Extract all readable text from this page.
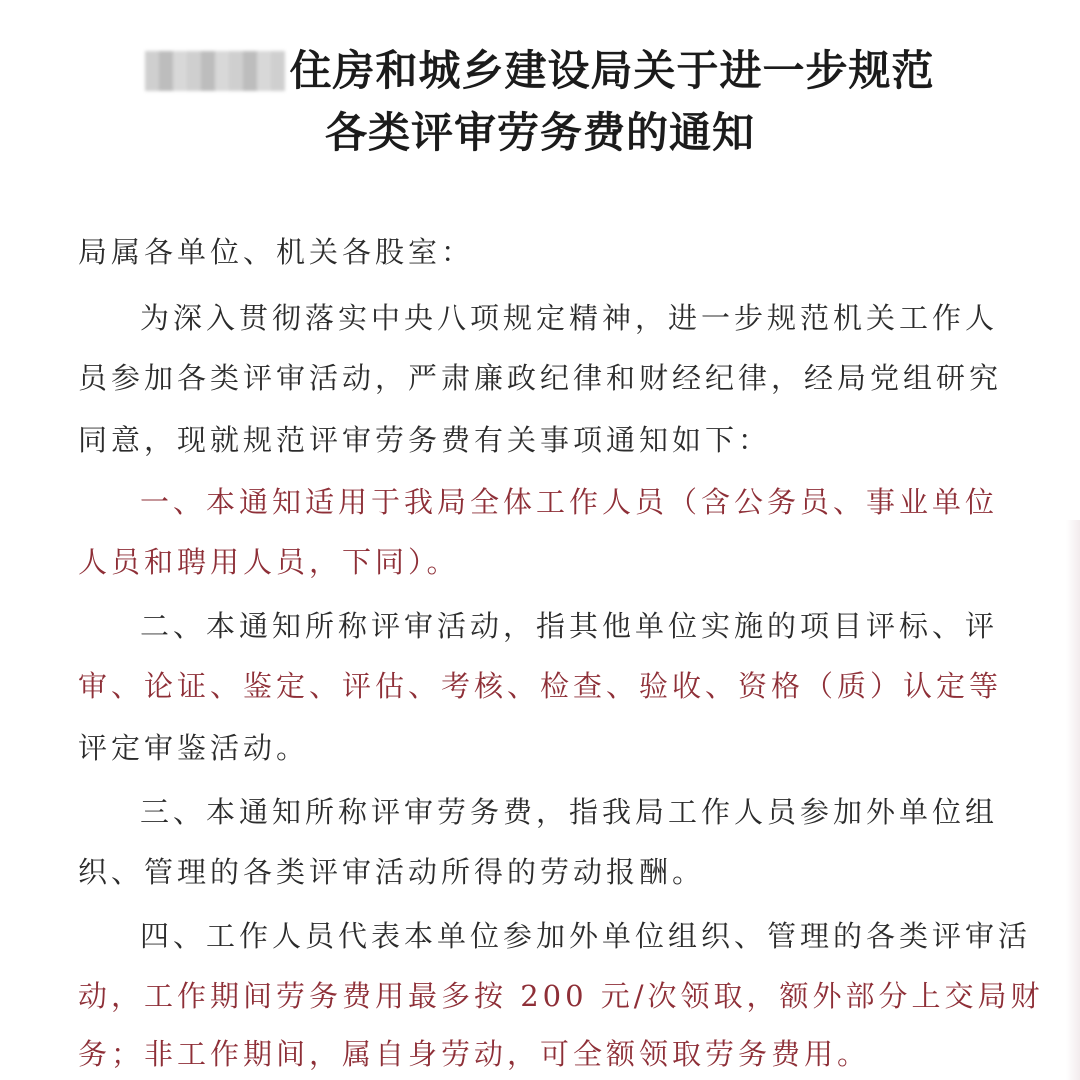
住房和城乡建设局关于进一步规范
各类评审劳务费的通知
局属各单位、机关各股室：
为深入贯彻落实中央八项规定精神，进一步规范机关工作人
员参加各类评审活动，严肃廉政纪律和财经纪律，经局党组研究
同意，现就规范评审劳务费有关事项通知如下：
一、本通知适用于我局全体工作人员（含公务员、事业单位
人员和聘用人员，下同）。
二、本通知所称评审活动，指其他单位实施的项目评标、评
审、论证、鉴定、评估、考核、检查、验收、资格（质）认定等
评定审鉴活动。
三、本通知所称评审劳务费，指我局工作人员参加外单位组
织、管理的各类评审活动所得的劳动报酬。
四、工作人员代表本单位参加外单位组织、管理的各类评审活
动，工作期间劳务费用最多按 200 元/次领取，额外部分上交局财
务；非工作期间，属自身劳动，可全额领取劳务费用。
